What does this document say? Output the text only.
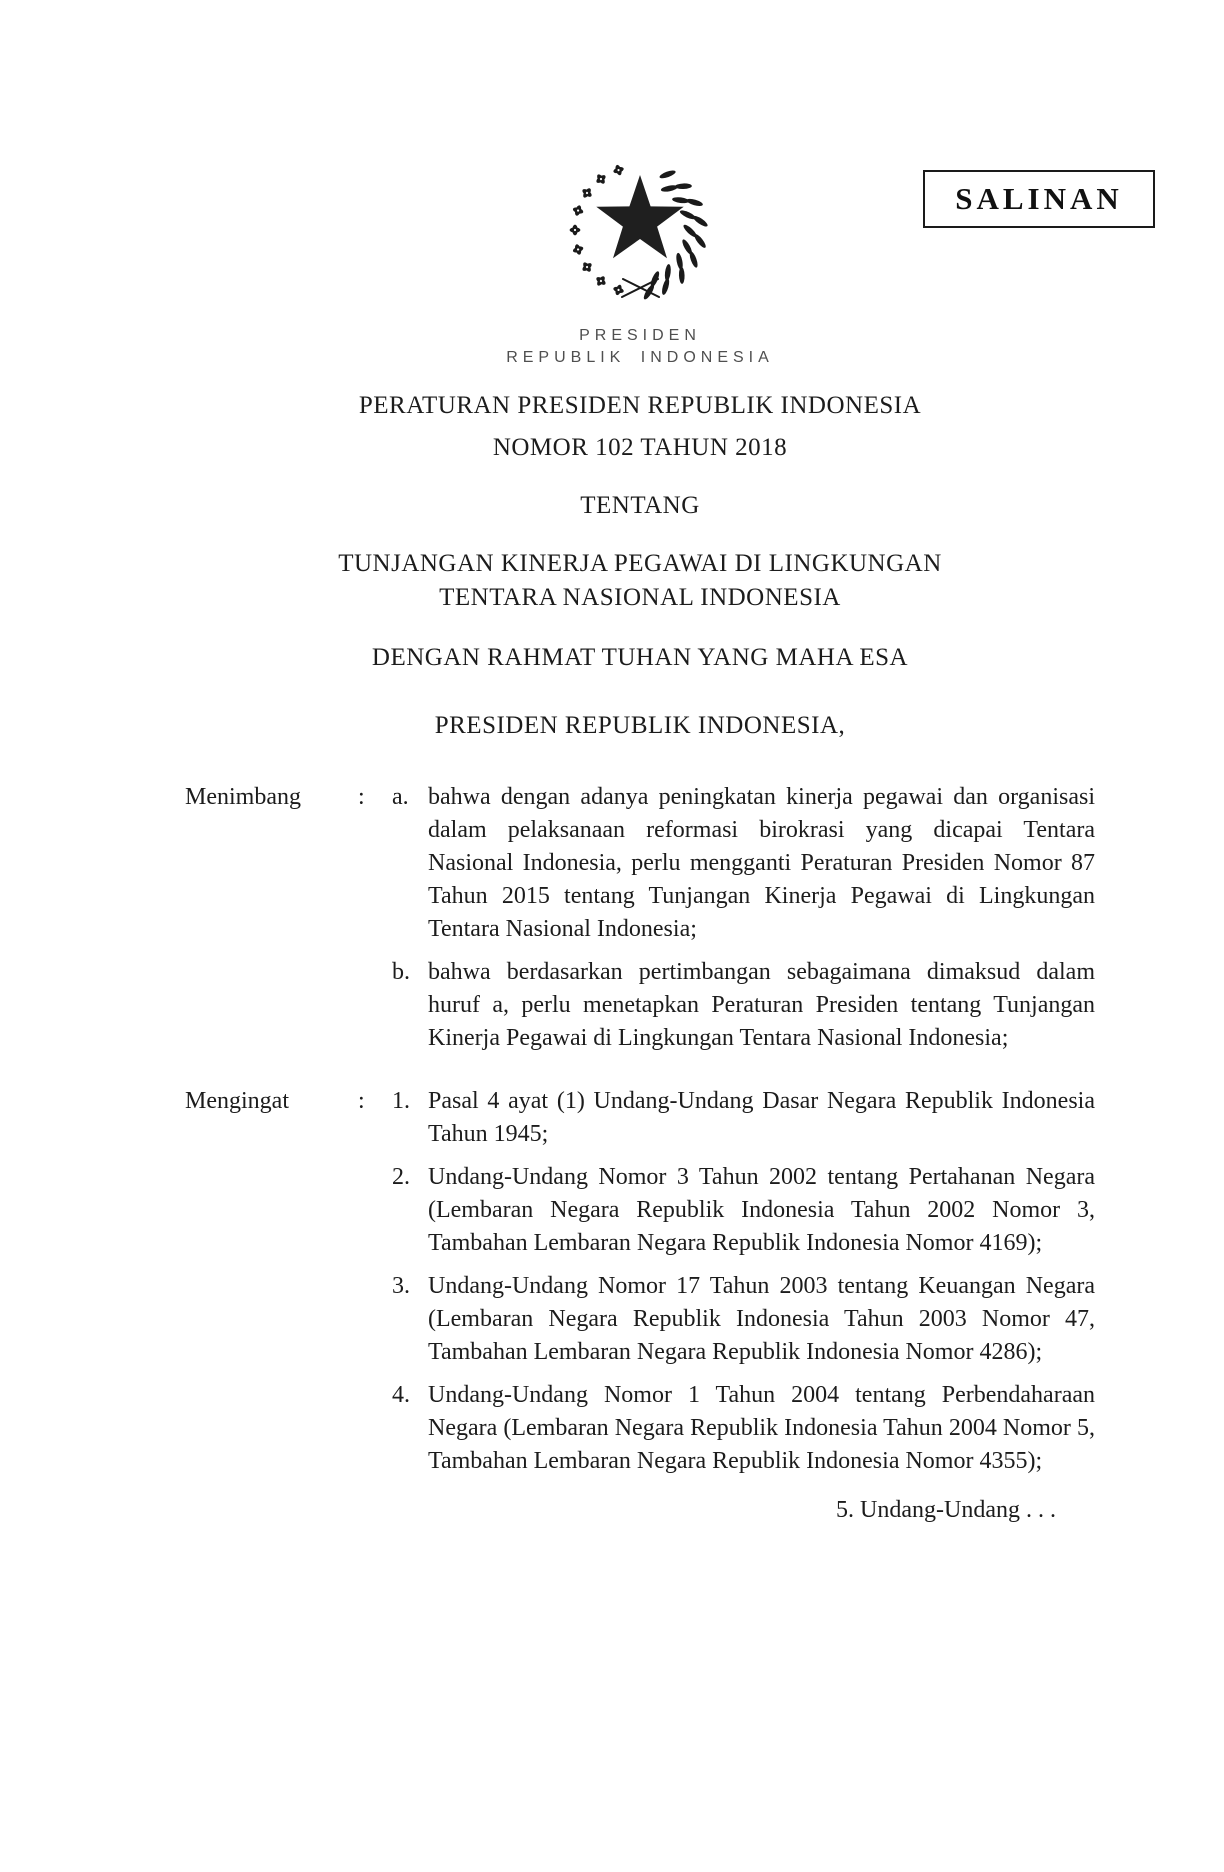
SALINAN
PRESIDEN
REPUBLIK INDONESIA
PERATURAN PRESIDEN REPUBLIK INDONESIA
NOMOR 102 TAHUN 2018
TENTANG
TUNJANGAN KINERJA PEGAWAI DI LINGKUNGAN
TENTARA NASIONAL INDONESIA
DENGAN RAHMAT TUHAN YANG MAHA ESA
PRESIDEN REPUBLIK INDONESIA,
Menimbang	:	a. bahwa dengan adanya peningkatan kinerja pegawai dan organisasi dalam pelaksanaan reformasi birokrasi yang dicapai Tentara Nasional Indonesia, perlu mengganti Peraturan Presiden Nomor 87 Tahun 2015 tentang Tunjangan Kinerja Pegawai di Lingkungan Tentara Nasional Indonesia;
b. bahwa berdasarkan pertimbangan sebagaimana dimaksud dalam huruf a, perlu menetapkan Peraturan Presiden tentang Tunjangan Kinerja Pegawai di Lingkungan Tentara Nasional Indonesia;
Mengingat	:	1. Pasal 4 ayat (1) Undang-Undang Dasar Negara Republik Indonesia Tahun 1945;
2. Undang-Undang Nomor 3 Tahun 2002 tentang Pertahanan Negara (Lembaran Negara Republik Indonesia Tahun 2002 Nomor 3, Tambahan Lembaran Negara Republik Indonesia Nomor 4169);
3. Undang-Undang Nomor 17 Tahun 2003 tentang Keuangan Negara (Lembaran Negara Republik Indonesia Tahun 2003 Nomor 47, Tambahan Lembaran Negara Republik Indonesia Nomor 4286);
4. Undang-Undang Nomor 1 Tahun 2004 tentang Perbendaharaan Negara (Lembaran Negara Republik Indonesia Tahun 2004 Nomor 5, Tambahan Lembaran Negara Republik Indonesia Nomor 4355);
5. Undang-Undang . . .
